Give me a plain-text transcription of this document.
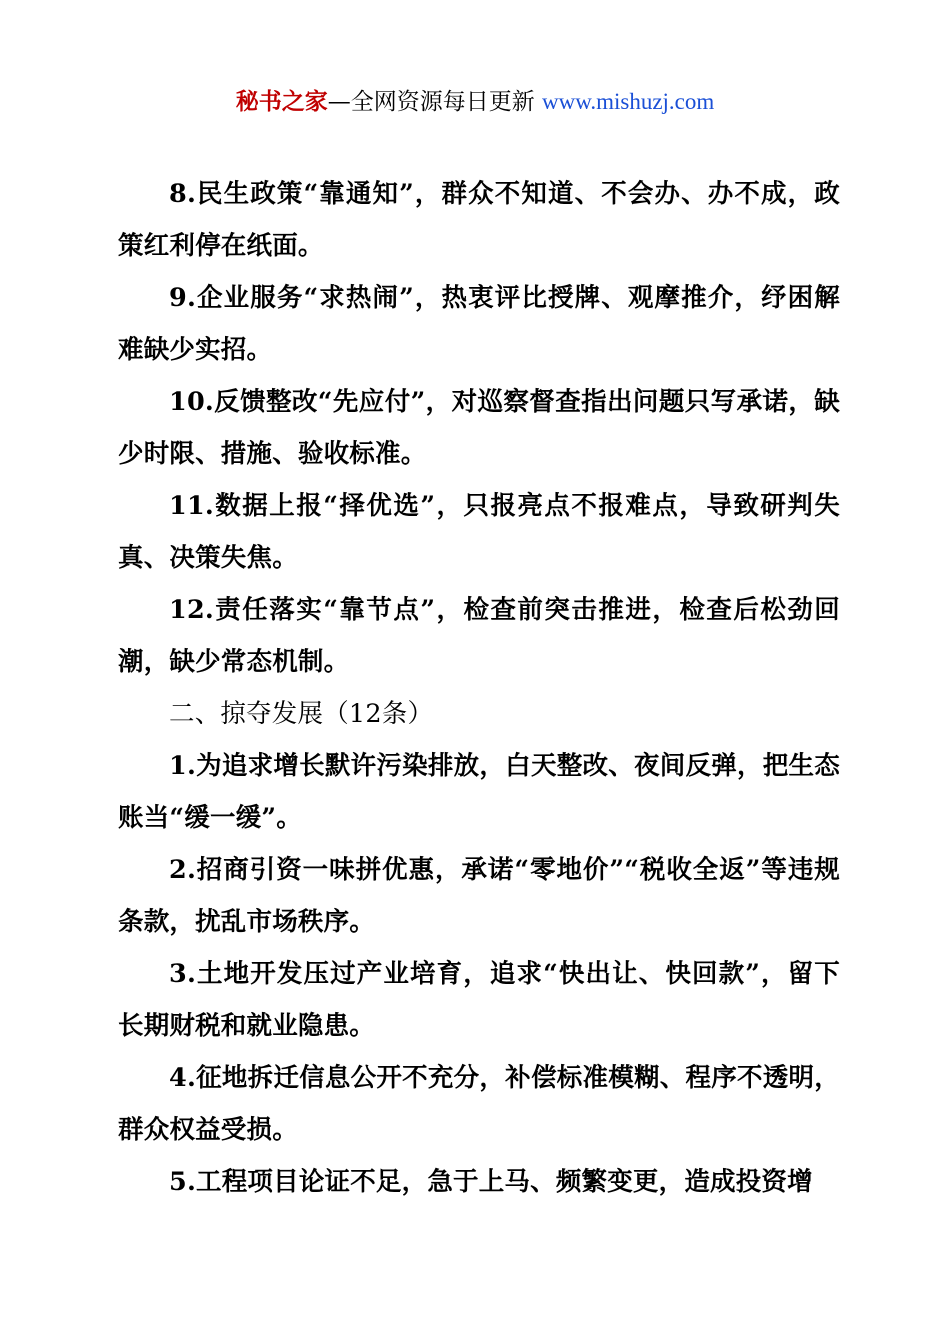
秘书之家—全网资源每日更新 www.mishuzj.com

8.民生政策“靠通知”，群众不知道、不会办、办不成，政策红利停在纸面。

9.企业服务“求热闹”，热衷评比授牌、观摩推介，纾困解难缺少实招。

10.反馈整改“先应付”，对巡察督查指出问题只写承诺，缺少时限、措施、验收标准。

11.数据上报“择优选”，只报亮点不报难点，导致研判失真、决策失焦。

12.责任落实“靠节点”，检查前突击推进，检查后松劲回潮，缺少常态机制。

二、掠夺发展（12条）

1.为追求增长默许污染排放，白天整改、夜间反弹，把生态账当“缓一缓”。

2.招商引资一味拼优惠，承诺“零地价”“税收全返”等违规条款，扰乱市场秩序。

3.土地开发压过产业培育，追求“快出让、快回款”，留下长期财税和就业隐患。

4.征地拆迁信息公开不充分，补偿标准模糊、程序不透明，群众权益受损。

5.工程项目论证不足，急于上马、频繁变更，造成投资增
